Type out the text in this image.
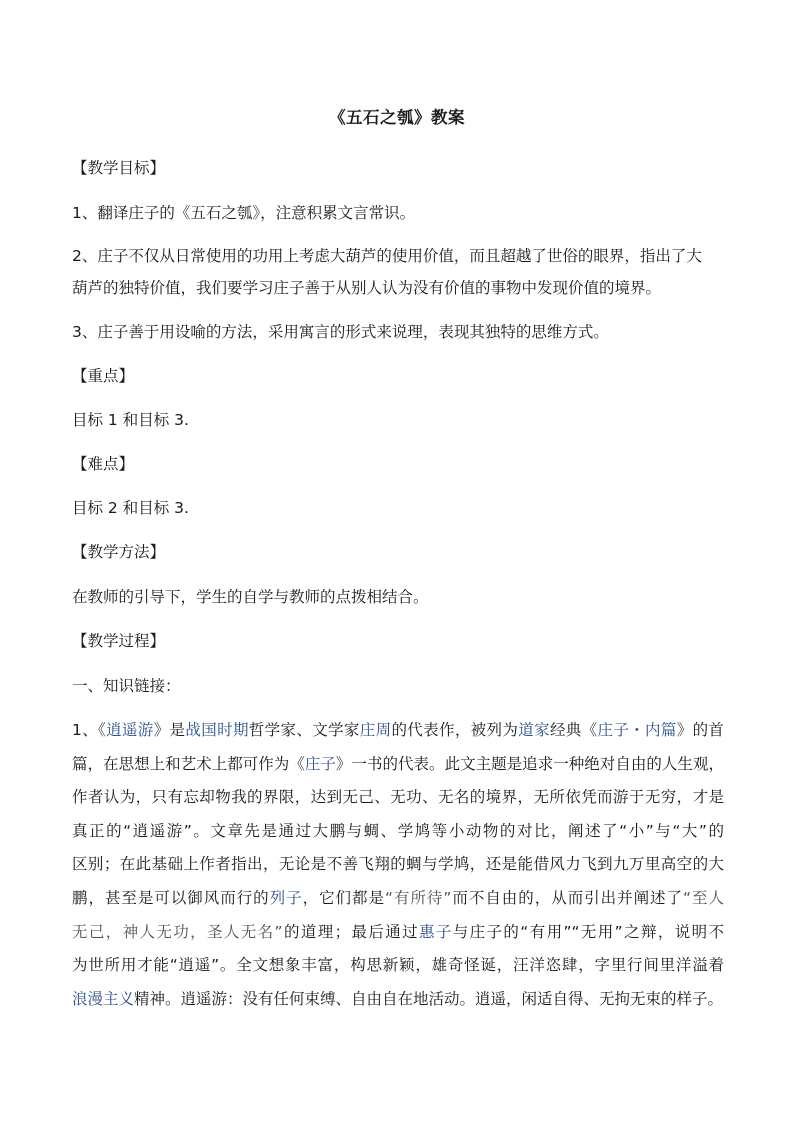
《五石之瓠》教案
【教学目标】
1、翻译庄子的《五石之瓠》，注意积累文言常识。
2、庄子不仅从日常使用的功用上考虑大葫芦的使用价值，而且超越了世俗的眼界，指出了大
葫芦的独特价值，我们要学习庄子善于从别人认为没有价值的事物中发现价值的境界。
3、庄子善于用设喻的方法，采用寓言的形式来说理，表现其独特的思维方式。
【重点】
目标 1 和目标 3.
【难点】
目标 2 和目标 3.
【教学方法】
在教师的引导下，学生的自学与教师的点拨相结合。
【教学过程】
一、知识链接：

1、《逍遥游》是战国时期哲学家、文学家庄周的代表作，被列为道家经典《庄子・内篇》的首

篇，在思想上和艺术上都可作为《庄子》一书的代表。此文主题是追求一种绝对自由的人生观，

作者认为，只有忘却物我的界限，达到无己、无功、无名的境界，无所依凭而游于无穷，才是

真正的“逍遥游”。文章先是通过大鹏与蜩、学鸠等小动物的对比，阐述了“小”与“大”的

区别；在此基础上作者指出，无论是不善飞翔的蜩与学鸠，还是能借风力飞到九万里高空的大

鹏，甚至是可以御风而行的列子，它们都是“有所待”而不自由的，从而引出并阐述了“至人

无己，神人无功，圣人无名”的道理；最后通过惠子与庄子的“有用”“无用”之辩，说明不

为世所用才能“逍遥”。全文想象丰富，构思新颖，雄奇怪诞，汪洋恣肆，字里行间里洋溢着

浪漫主义精神。逍遥游：没有任何束缚、自由自在地活动。逍遥，闲适自得、无拘无束的样子。
